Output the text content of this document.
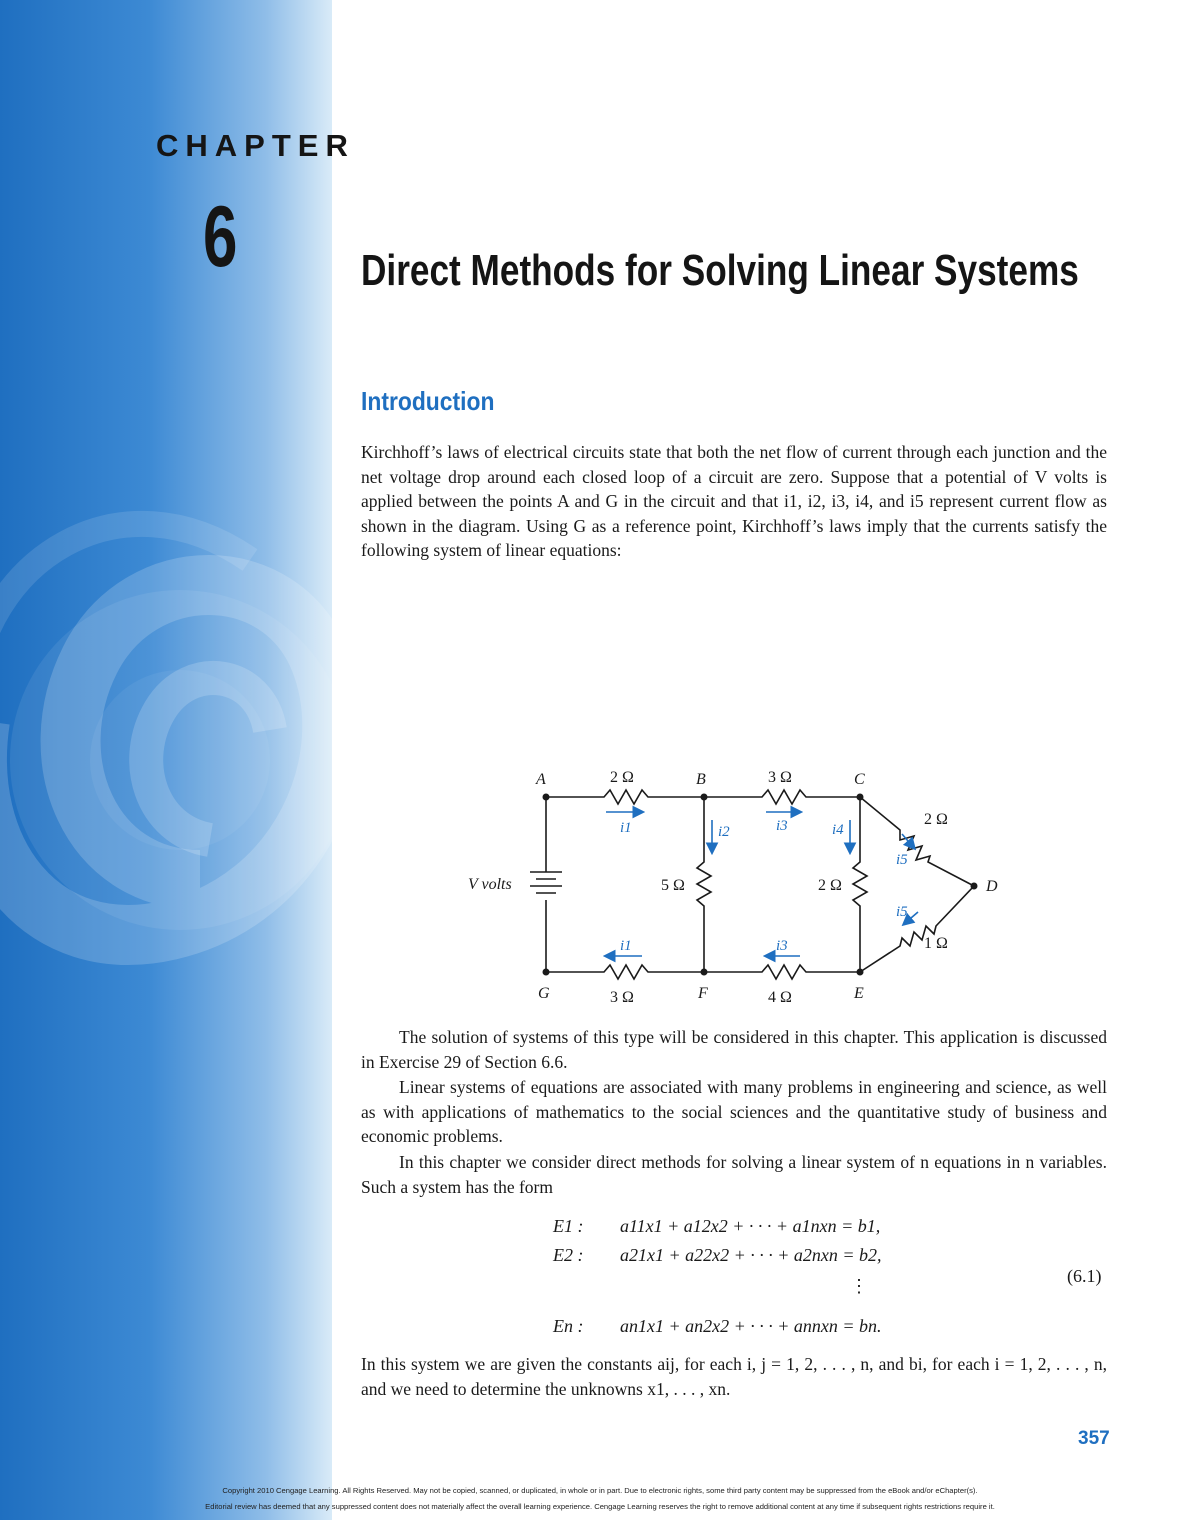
CHAPTER
6	Direct Methods for Solving Linear Systems
Introduction

Kirchhoff’s laws of electrical circuits state that both the net flow of current through each junction and the net voltage drop around each closed loop of a circuit are zero. Suppose that a potential of V volts is applied between the points A and G in the circuit and that i1, i2, i3, i4, and i5 represent current flow as shown in the diagram. Using G as a reference point, Kirchhoff’s laws imply that the currents satisfy the following system of linear equations:

A	B	C
D
E
F
G
2 Ω	3 Ω
5 Ω	2 Ω
2 Ω
1 Ω
3 Ω	4 Ω
V volts
i1	i2	i3	i4
i5
i5
i1	i3

The solution of systems of this type will be considered in this chapter. This application is discussed in Exercise 29 of Section 6.6.

Linear systems of equations are associated with many problems in engineering and science, as well as with applications of mathematics to the social sciences and the quantitative study of business and economic problems.

In this chapter we consider direct methods for solving a linear system of n equations in n variables. Such a system has the form

E1 : a11x1 + a12x2 + · · · + a1nxn = b1,
E2 : a21x1 + a22x2 + · · · + a2nxn = b2,
⋮
En : an1x1 + an2x2 + · · · + annxn = bn.
(6.1)

In this system we are given the constants aij, for each i, j = 1, 2, . . . , n, and bi, for each i = 1, 2, . . . , n, and we need to determine the unknowns x1, . . . , xn.

357
Copyright 2010 Cengage Learning. All Rights Reserved. May not be copied, scanned, or duplicated, in whole or in part. Due to electronic rights, some third party content may be suppressed from the eBook and/or eChapter(s).
Editorial review has deemed that any suppressed content does not materially affect the overall learning experience. Cengage Learning reserves the right to remove additional content at any time if subsequent rights restrictions require it.
